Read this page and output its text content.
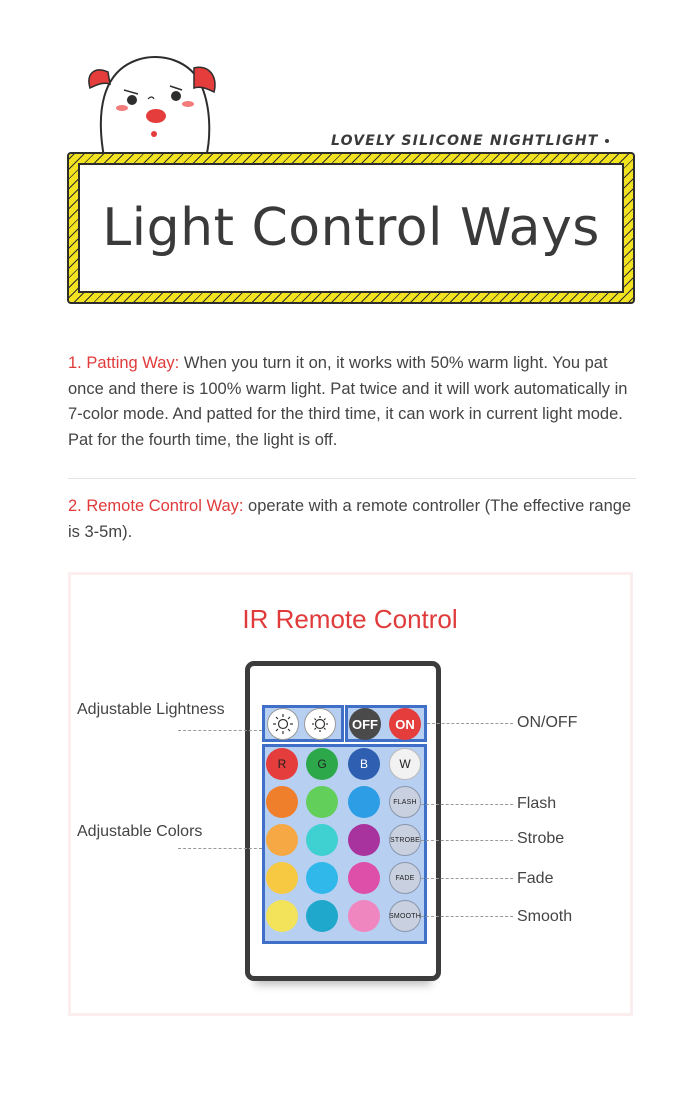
LOVELY SILICONE NIGHTLIGHT
Light Control Ways

1. Patting Way: When you turn it on, it works with 50% warm light. You pat once and there is 100% warm light. Pat twice and it will work automatically in 7-color mode. And patted for the third time, it can work in current light mode. Pat for the fourth time, the light is off.

2. Remote Control Way: operate with a remote controller (The effective range is 3-5m).

IR Remote Control
OFF	ON
R	G	B	W
FLASH
STROBE
FADE
SMOOTH
Adjustable Lightness
Adjustable Colors
ON/OFF
Flash
Strobe
Fade
Smooth
